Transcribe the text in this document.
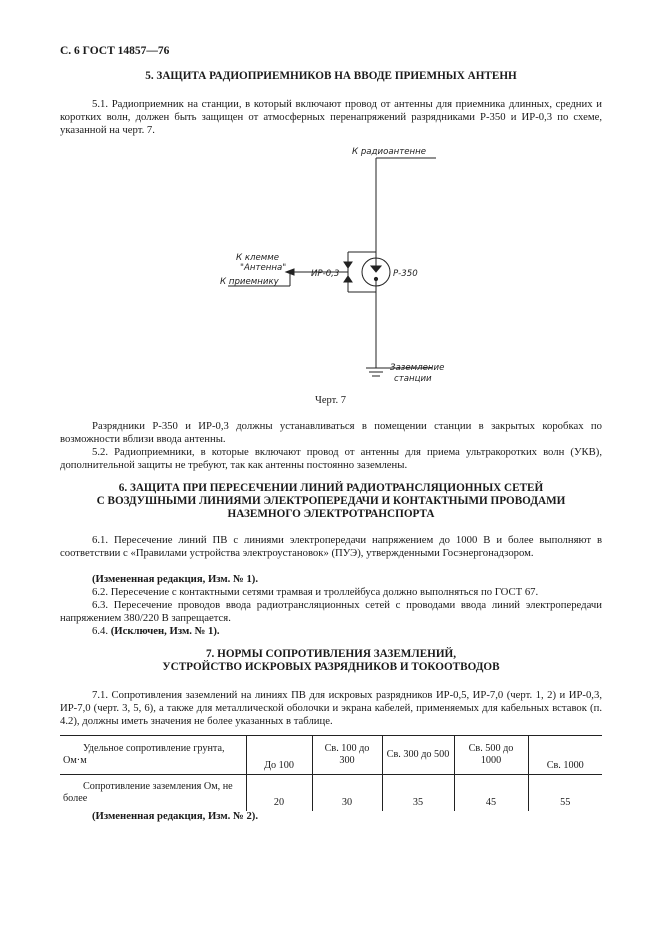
С. 6 ГОСТ 14857—76
5. ЗАЩИТА РАДИОПРИЕМНИКОВ НА ВВОДЕ ПРИЕМНЫХ АНТЕНН
5.1. Радиоприемник на станции, в который включают провод от антенны для приемника длинных, средних и коротких волн, должен быть защищен от атмосферных перенапряжений разрядниками Р-350 и ИР-0,3 по схеме, указанной на черт. 7.
К радиоантенне
К клемме
"Антенна"
К приемнику
ИР-0,3	Р-350
Заземление
станции
Черт. 7
Разрядники Р-350 и ИР-0,3 должны устанавливаться в помещении станции в закрытых коробках по возможности вблизи ввода антенны.
5.2. Радиоприемники, в которые включают провод от антенны для приема ультракоротких волн (УКВ), дополнительной защиты не требуют, так как антенны постоянно заземлены.
6. ЗАЩИТА ПРИ ПЕРЕСЕЧЕНИИ ЛИНИЙ РАДИОТРАНСЛЯЦИОННЫХ СЕТЕЙ
С ВОЗДУШНЫМИ ЛИНИЯМИ ЭЛЕКТРОПЕРЕДАЧИ И КОНТАКТНЫМИ ПРОВОДАМИ
НАЗЕМНОГО ЭЛЕКТРОТРАНСПОРТА
6.1. Пересечение линий ПВ с линиями электропередачи напряжением до 1000 В и более выполняют в соответствии с «Правилами устройства электроустановок» (ПУЭ), утвержденными Госэнергонадзором.
(Измененная редакция, Изм. № 1).
6.2. Пересечение с контактными сетями трамвая и троллейбуса должно выполняться по ГОСТ 67.
6.3. Пересечение проводов ввода радиотрансляционных сетей с проводами ввода линий электропередачи напряжением 380/220 В запрещается.
6.4. (Исключен, Изм. № 1).
7. НОРМЫ СОПРОТИВЛЕНИЯ ЗАЗЕМЛЕНИЙ,
УСТРОЙСТВО ИСКРОВЫХ РАЗРЯДНИКОВ И ТОКООТВОДОВ
7.1. Сопротивления заземлений на линиях ПВ для искровых разрядников ИР-0,5, ИР-7,0 (черт. 1, 2) и ИР-0,3, ИР-7,0 (черт. 3, 5, 6), а также для металлической оболочки и экрана кабелей, применяемых для кабельных вставок (п. 4.2), должны иметь значения не более указанных в таблице.
Удельное сопротивление грунта, Ом·м	До 100	Св. 100 до 300	Св. 300 до 500	Св. 500 до 1000	Св. 1000
Сопротивление заземления Ом, не более	20	30	35	45	55
(Измененная редакция, Изм. № 2).
